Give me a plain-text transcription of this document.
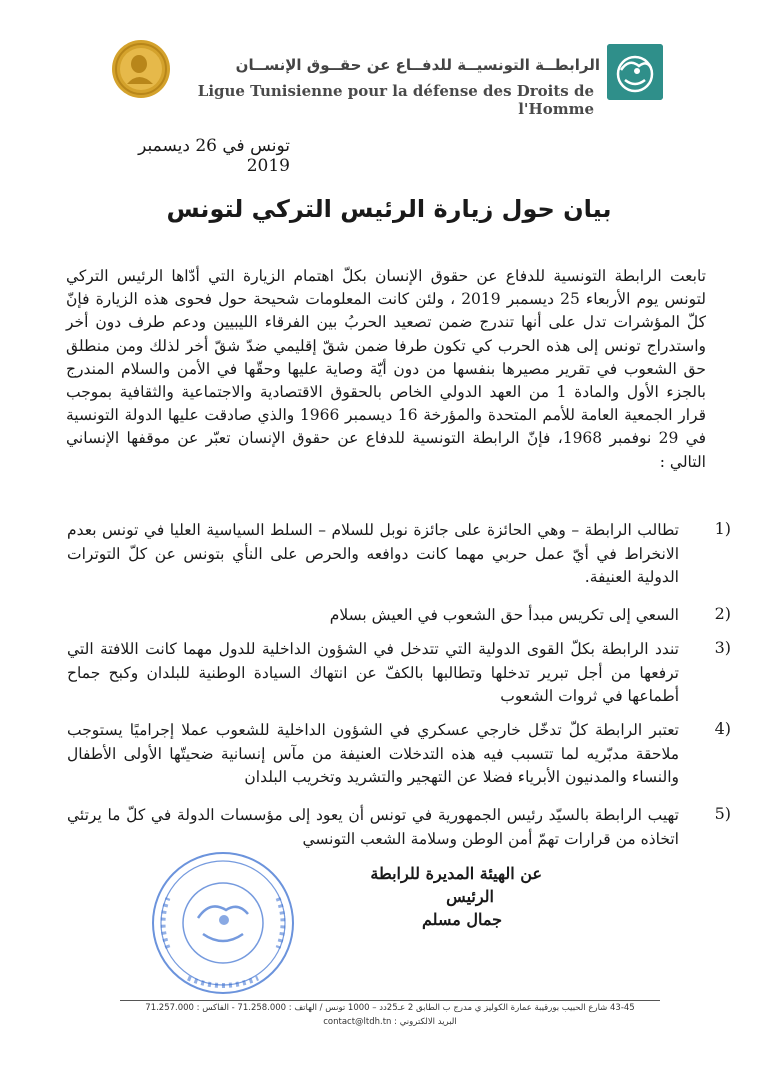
الرابطــة التونسيــة للدفــاع عن حقــوق الإنســان
Ligue Tunisienne pour la défense des Droits de l'Homme
تونس في 26 ديسمبر 2019
بيان حول زيارة الرئيس التركي لتونس
تابعت الرابطة التونسية للدفاع عن حقوق الإنسان بكلّ اهتمام الزيارة التي أدّاها الرئيس التركي لتونس يوم الأربعاء 25 ديسمبر 2019 ، ولئن كانت المعلومات شحيحة حول فحوى هذه الزيارة فإنّ كلّ المؤشرات تدل على أنها تندرج ضمن تصعيد الحربُ بين الفرقاء الليبيين ودعم طرف دون أخر واستدراج تونس إلى هذه الحرب كي تكون طرفا ضمن شقّ إقليمي ضدّ شقّ أخر لذلك ومن منطلق حق الشعوب في تقرير مصيرها بنفسها من دون أيّة وصاية عليها وحقّها في الأمن والسلام المندرج بالجزء الأول والمادة 1 من العهد الدولي الخاص بالحقوق الاقتصادية والاجتماعية والثقافية بموجب قرار الجمعية العامة للأمم المتحدة والمؤرخة 16 ديسمبر 1966 والذي صادقت عليها الدولة التونسية في 29 نوفمبر 1968، فإنّ الرابطة التونسية للدفاع عن حقوق الإنسان تعبّر عن موقفها الإنساني التالي :
1)
تطالب الرابطة – وهي الحائزة على جائزة نوبل للسلام – السلط السياسية العليا في تونس بعدم الانخراط في أيّ عمل حربي مهما كانت دوافعه والحرص على النأي بتونس عن كلّ التوترات الدولية العنيفة.
2)
السعي إلى تكريس مبدأ حق الشعوب في العيش بسلام
3)
تندد الرابطة بكلّ القوى الدولية التي تتدخل في الشؤون الداخلية للدول مهما كانت اللافتة التي ترفعها من أجل تبرير تدخلها وتطالبها بالكفّ عن انتهاك السيادة الوطنية للبلدان وكبح جماح أطماعها في ثروات الشعوب
4)
تعتبر الرابطة كلّ تدخّل خارجي عسكري في الشؤون الداخلية للشعوب عملا إجراميًا يستوجب ملاحقة مدبّريه لما تتسبب فيه هذه التدخلات العنيفة من مآس إنسانية ضحيتّها الأولى الأطفال والنساء والمدنيون الأبرياء فضلا عن التهجير والتشريد وتخريب البلدان
5)
تهيب الرابطة بالسيّد رئيس الجمهورية في تونس أن يعود إلى مؤسسات الدولة في كلّ ما يرتئي اتخاذه من قرارات تهمّ أمن الوطن وسلامة الشعب التونسي
عن الهيئة المديرة للرابطة
الرئيس
جمال مسلم
43-45 شارع الحبيب بورقيبة عمارة الكوليز ي مدرج ب الطابق 2 عـ25دد – 1000 تونس / الهاتف : 71.258.000 - الفاكس : 71.257.000
البريد الالكتروني : contact@ltdh.tn
